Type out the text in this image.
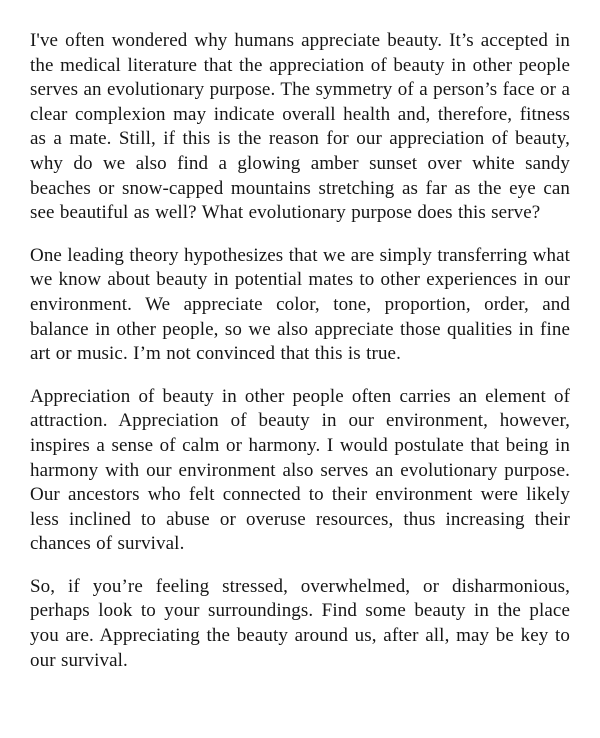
I've often wondered why humans appreciate beauty. It’s accepted in the medical literature that the appreciation of beauty in other people serves an evolutionary purpose. The symmetry of a person’s face or a clear complexion may indicate overall health and, therefore, fitness as a mate. Still, if this is the reason for our appreciation of beauty, why do we also find a glowing amber sunset over white sandy beaches or snow-capped mountains stretching as far as the eye can see beautiful as well? What evolutionary purpose does this serve?

One leading theory hypothesizes that we are simply transferring what we know about beauty in potential mates to other experiences in our environment. We appreciate color, tone, proportion, order, and balance in other people, so we also appreciate those qualities in fine art or music. I’m not convinced that this is true.

Appreciation of beauty in other people often carries an element of attraction. Appreciation of beauty in our environment, however, inspires a sense of calm or harmony. I would postulate that being in harmony with our environment also serves an evolutionary purpose. Our ancestors who felt connected to their environment were likely less inclined to abuse or overuse resources, thus increasing their chances of survival.

So, if you’re feeling stressed, overwhelmed, or disharmonious, perhaps look to your surroundings. Find some beauty in the place you are. Appreciating the beauty around us, after all, may be key to our survival.
